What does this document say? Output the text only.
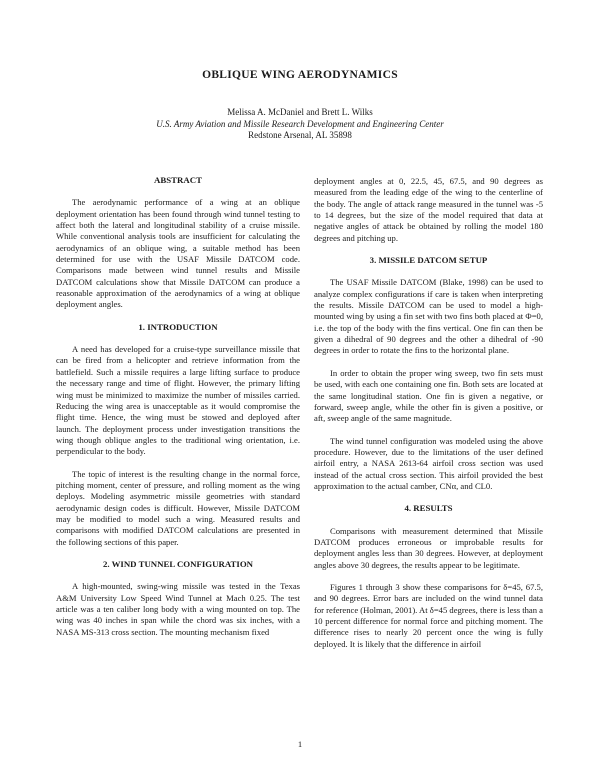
OBLIQUE WING AERODYNAMICS
Melissa A. McDaniel and Brett L. Wilks
U.S. Army Aviation and Missile Research Development and Engineering Center
Redstone Arsenal, AL 35898
ABSTRACT

The aerodynamic performance of a wing at an oblique deployment orientation has been found through wind tunnel testing to affect both the lateral and longitudinal stability of a cruise missile. While conventional analysis tools are insufficient for calculating the aerodynamics of an oblique wing, a suitable method has been determined for use with the USAF Missile DATCOM code. Comparisons made between wind tunnel results and Missile DATCOM calculations show that Missile DATCOM can produce a reasonable approximation of the aerodynamics of a wing at oblique deployment angles.

1. INTRODUCTION

A need has developed for a cruise-type surveillance missile that can be fired from a helicopter and retrieve information from the battlefield. Such a missile requires a large lifting surface to produce the necessary range and time of flight. However, the primary lifting wing must be minimized to maximize the number of missiles carried. Reducing the wing area is unacceptable as it would compromise the flight time. Hence, the wing must be stowed and deployed after launch. The deployment process under investigation transitions the wing though oblique angles to the traditional wing orientation, i.e. perpendicular to the body.

The topic of interest is the resulting change in the normal force, pitching moment, center of pressure, and rolling moment as the wing deploys. Modeling asymmetric missile geometries with standard aerodynamic design codes is difficult. However, Missile DATCOM may be modified to model such a wing. Measured results and comparisons with modified DATCOM calculations are presented in the following sections of this paper.

2. WIND TUNNEL CONFIGURATION

A high-mounted, swing-wing missile was tested in the Texas A&M University Low Speed Wind Tunnel at Mach 0.25. The test article was a ten caliber long body with a wing mounted on top. The wing was 40 inches in span while the chord was six inches, with a NASA MS-313 cross section. The mounting mechanism fixed

deployment angles at 0, 22.5, 45, 67.5, and 90 degrees as measured from the leading edge of the wing to the centerline of the body. The angle of attack range measured in the tunnel was -5 to 14 degrees, but the size of the model required that data at negative angles of attack be obtained by rolling the model 180 degrees and pitching up.

3. MISSILE DATCOM SETUP

The USAF Missile DATCOM (Blake, 1998) can be used to analyze complex configurations if care is taken when interpreting the results. Missile DATCOM can be used to model a high-mounted wing by using a fin set with two fins both placed at Φ=0, i.e. the top of the body with the fins vertical. One fin can then be given a dihedral of 90 degrees and the other a dihedral of -90 degrees in order to rotate the fins to the horizontal plane.

In order to obtain the proper wing sweep, two fin sets must be used, with each one containing one fin. Both sets are located at the same longitudinal station. One fin is given a negative, or forward, sweep angle, while the other fin is given a positive, or aft, sweep angle of the same magnitude.

The wind tunnel configuration was modeled using the above procedure. However, due to the limitations of the user defined airfoil entry, a NASA 2613-64 airfoil cross section was used instead of the actual cross section. This airfoil provided the best approximation to the actual camber, CNα, and CL0.

4. RESULTS

Comparisons with measurement determined that Missile DATCOM produces erroneous or improbable results for deployment angles less than 30 degrees. However, at deployment angles above 30 degrees, the results appear to be legitimate.

Figures 1 through 3 show these comparisons for δ=45, 67.5, and 90 degrees. Error bars are included on the wind tunnel data for reference (Holman, 2001). At δ=45 degrees, there is less than a 10 percent difference for normal force and pitching moment. The difference rises to nearly 20 percent once the wing is fully deployed. It is likely that the difference in airfoil

1
